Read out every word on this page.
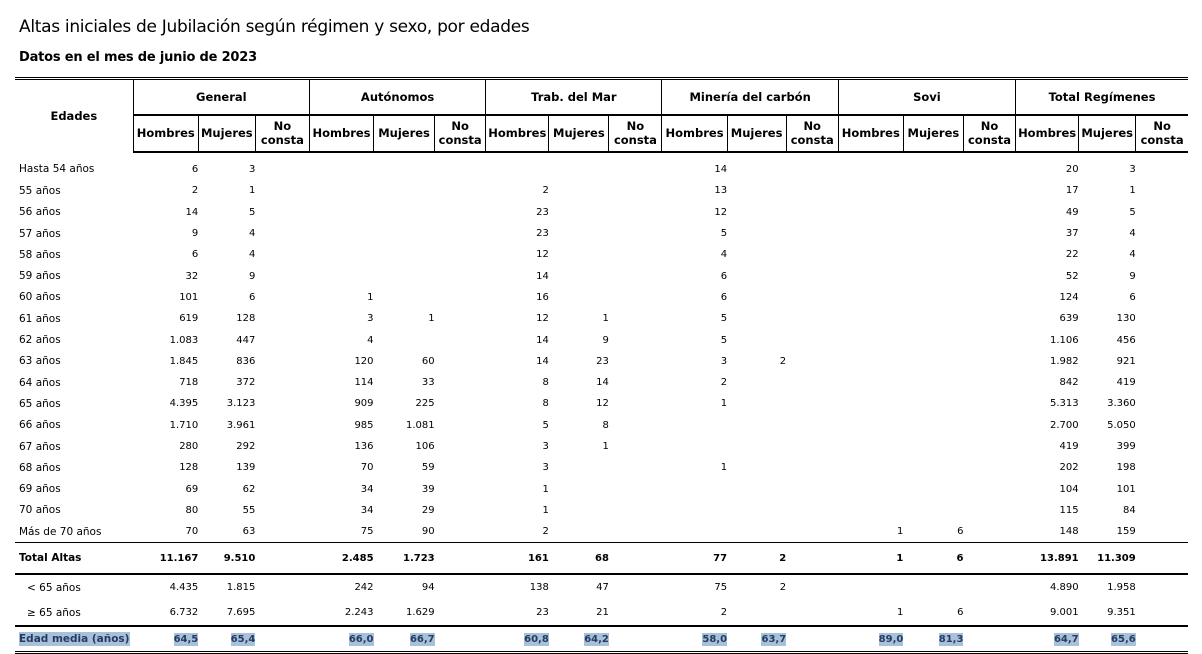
Altas iniciales de Jubilación según régimen y sexo, por edades
Datos en el mes de junio de 2023
Edades	General			Autónomos			Trab. del Mar			Minería del carbón			Sovi			Total Regímenes		
	Hombres	Mujeres	No consta	Hombres	Mujeres	No consta	Hombres	Mujeres	No consta	Hombres	Mujeres	No consta	Hombres	Mujeres	No consta	Hombres	Mujeres	No consta
Hasta 54 años	6	3								14						20	3	
55 años	2	1					2			13						17	1	
56 años	14	5					23			12						49	5	
57 años	9	4					23			5						37	4	
58 años	6	4					12			4						22	4	
59 años	32	9					14			6						52	9	
60 años	101	6		1			16			6						124	6	
61 años	619	128		3	1		12	1		5						639	130	
62 años	1.083	447		4			14	9		5						1.106	456	
63 años	1.845	836		120	60		14	23		3	2					1.982	921	
64 años	718	372		114	33		8	14		2						842	419	
65 años	4.395	3.123		909	225		8	12		1						5.313	3.360	
66 años	1.710	3.961		985	1.081		5	8								2.700	5.050	
67 años	280	292		136	106		3	1								419	399	
68 años	128	139		70	59		3			1						202	198	
69 años	69	62		34	39		1									104	101	
70 años	80	55		34	29		1									115	84	
Más de 70 años	70	63		75	90		2						1	6		148	159	
Total Altas	11.167	9.510		2.485	1.723		161	68		77	2		1	6		13.891	11.309	
< 65 años	4.435	1.815		242	94		138	47		75	2					4.890	1.958	
≥ 65 años	6.732	7.695		2.243	1.629		23	21		2			1	6		9.001	9.351	
Edad media (años)	64,5	65,4		66,0	66,7		60,8	64,2		58,0	63,7		89,0	81,3		64,7	65,6	
